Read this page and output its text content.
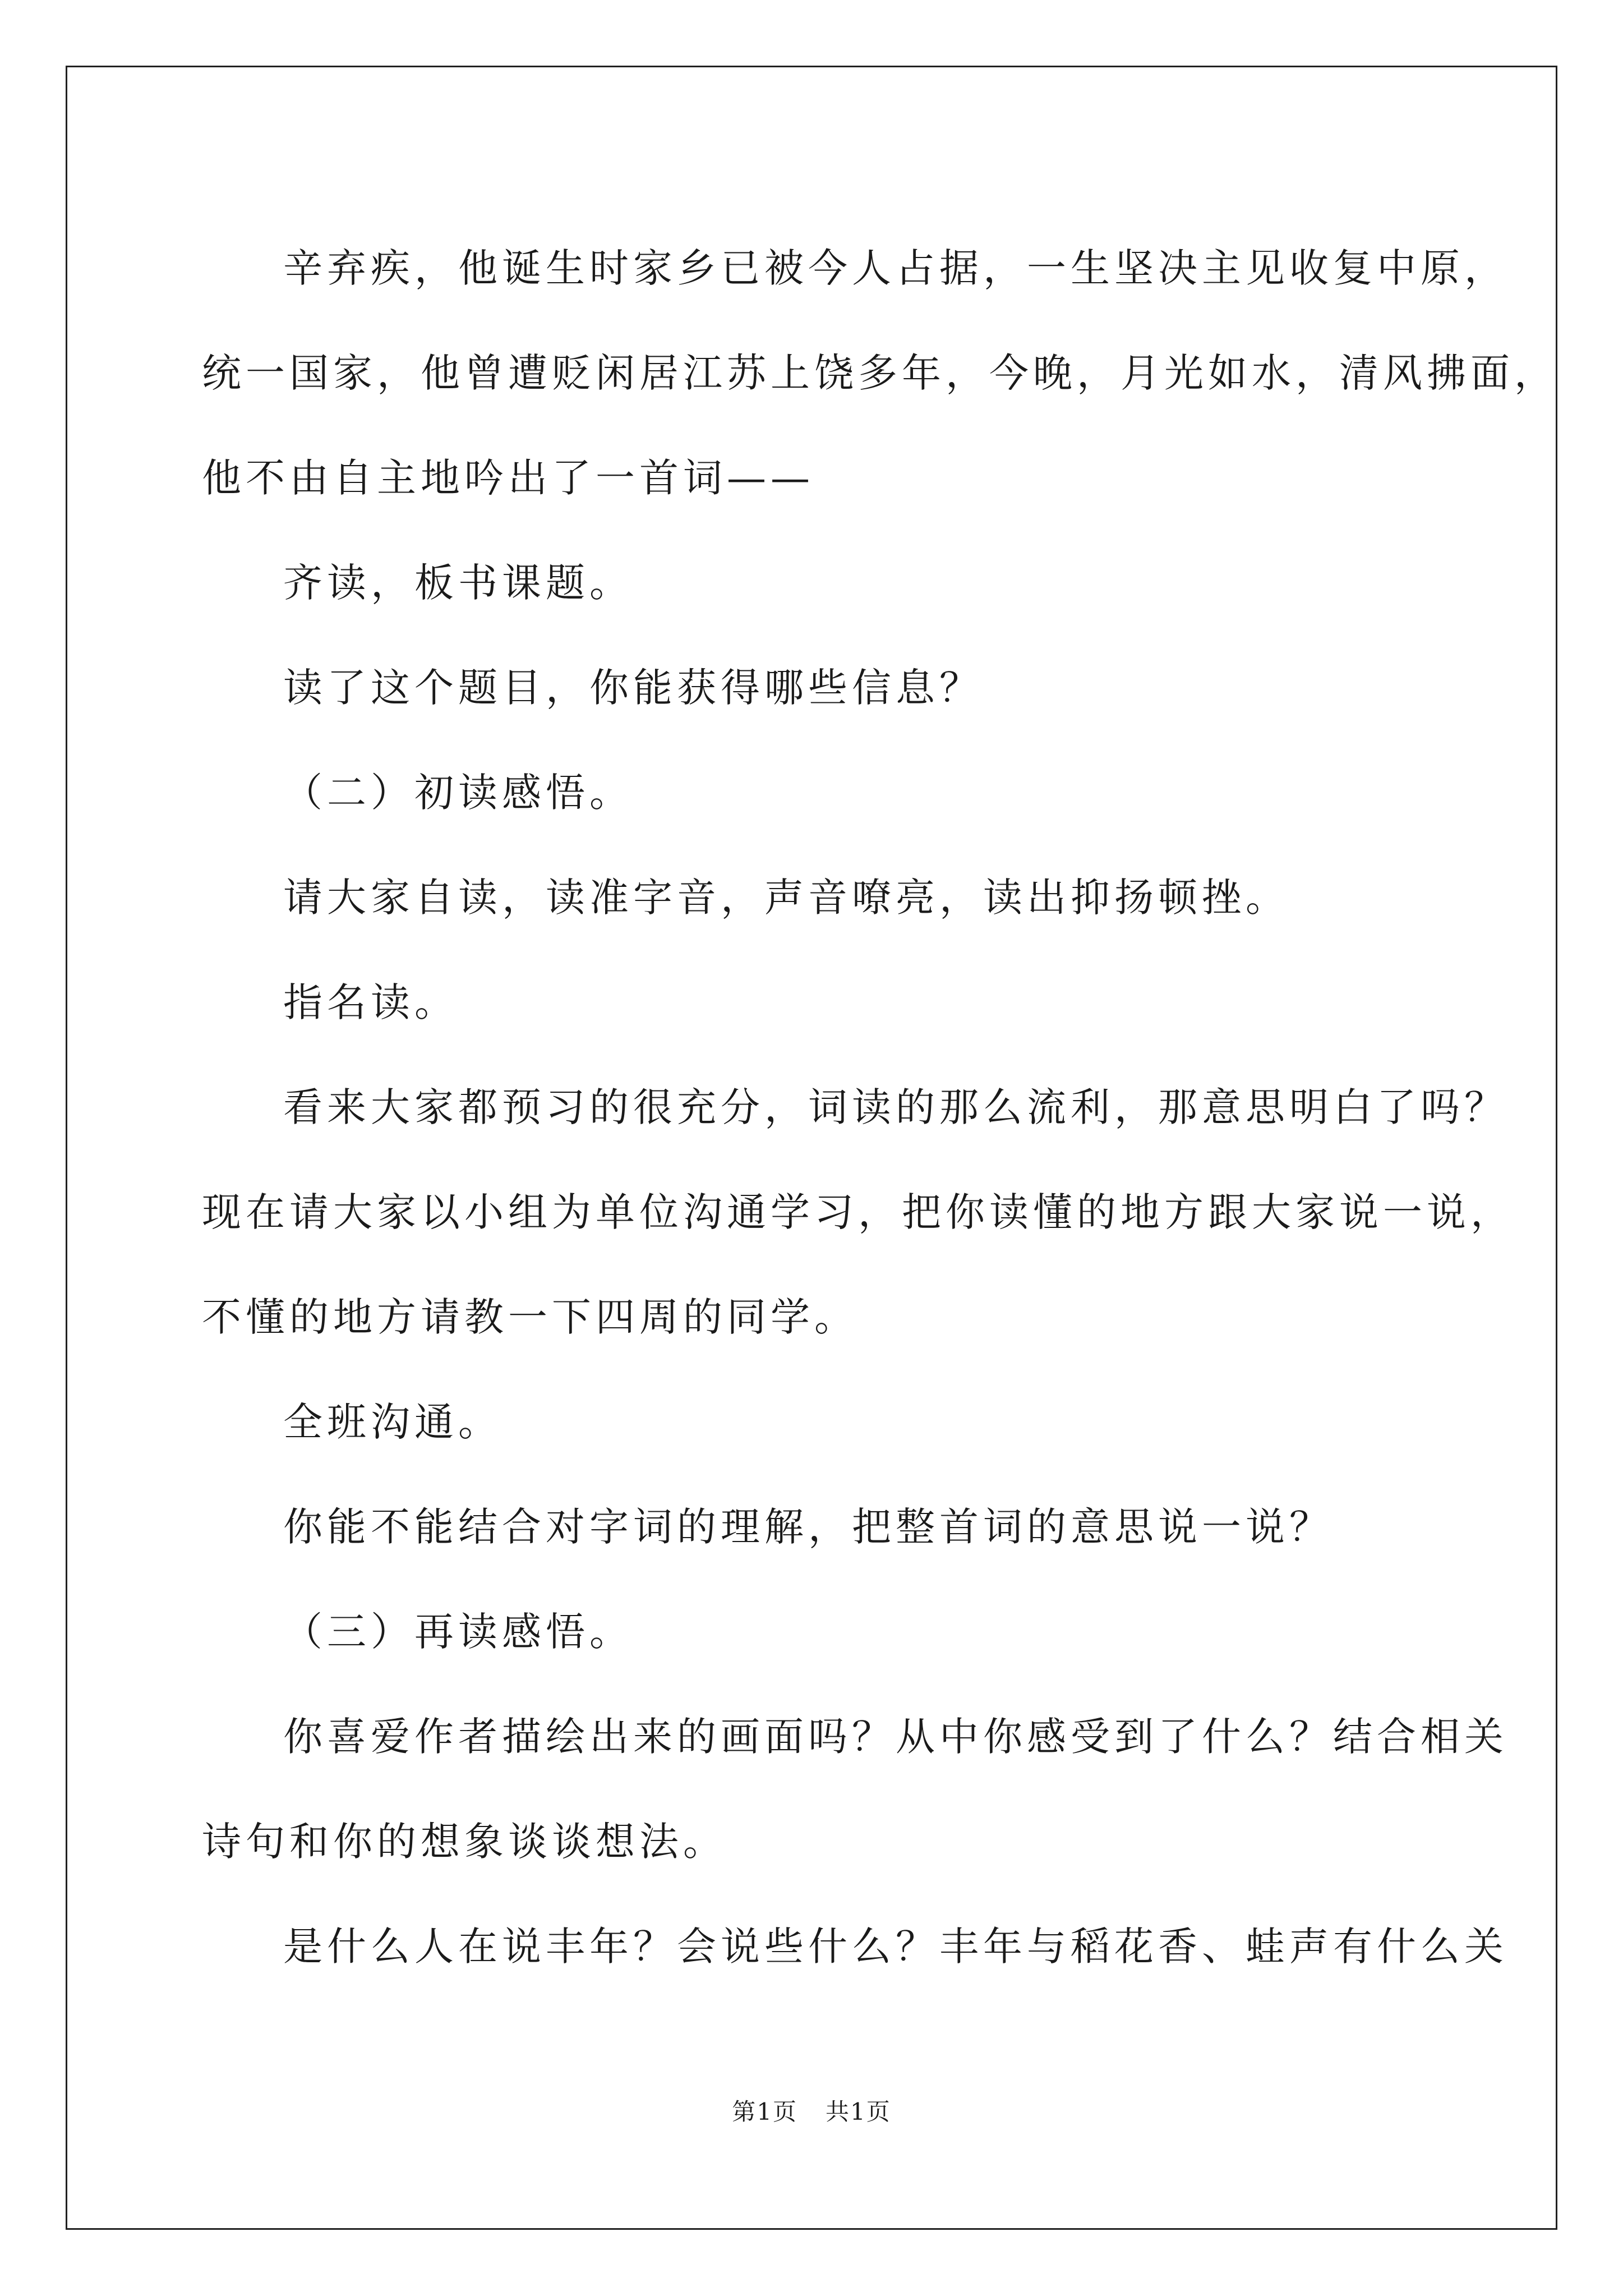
辛弃疾，他诞生时家乡已被今人占据，一生坚决主见收复中原，
统一国家，他曾遭贬闲居江苏上饶多年，今晚，月光如水，清风拂面，
他不由自主地吟出了一首词——

齐读，板书课题。

读了这个题目，你能获得哪些信息？

（二）初读感悟。

请大家自读，读准字音，声音嘹亮，读出抑扬顿挫。

指名读。

看来大家都预习的很充分，词读的那么流利，那意思明白了吗？
现在请大家以小组为单位沟通学习，把你读懂的地方跟大家说一说，
不懂的地方请教一下四周的同学。

全班沟通。

你能不能结合对字词的理解，把整首词的意思说一说？

（三）再读感悟。

你喜爱作者描绘出来的画面吗？从中你感受到了什么？结合相关
诗句和你的想象谈谈想法。

是什么人在说丰年？会说些什么？丰年与稻花香、蛙声有什么关

第1页 共1页
